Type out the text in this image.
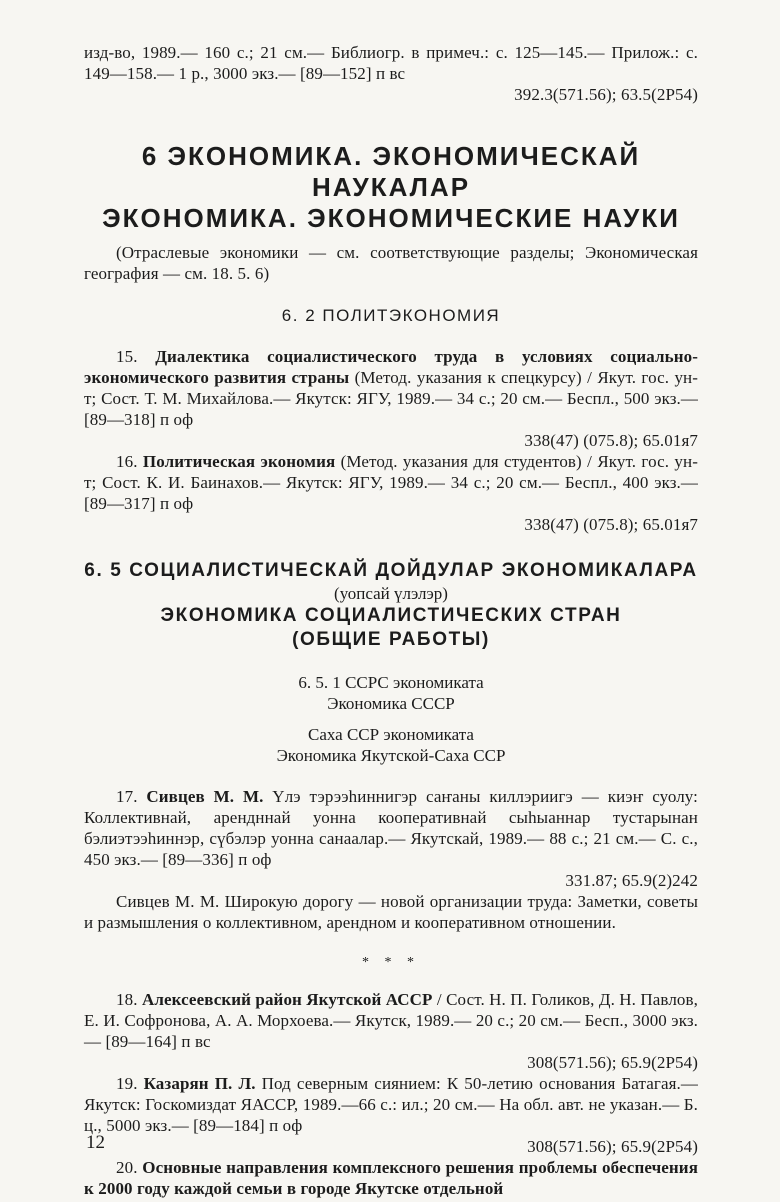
изд-во, 1989.— 160 с.; 21 см.— Библиогр. в примеч.: с. 125—145.— Прилож.: с. 149—158.— 1 р., 3000 экз.— [89—152] п вс

392.3(571.56); 63.5(2Р54)

6 ЭКОНОМИКА. ЭКОНОМИЧЕСКАЙ НАУКАЛАР

ЭКОНОМИКА. ЭКОНОМИЧЕСКИЕ НАУКИ

(Отраслевые экономики — см. соответствующие разделы; Экономическая география — см. 18. 5. 6)

6. 2 ПОЛИТЭКОНОМИЯ

15. Диалектика социалистического труда в условиях социально-экономического развития страны (Метод. указания к спецкурсу) / Якут. гос. ун-т; Сост. Т. М. Михайлова.— Якутск: ЯГУ, 1989.— 34 с.; 20 см.— Беспл., 500 экз.— [89—318] п оф

338(47) (075.8); 65.01я7

16. Политическая экономия (Метод. указания для студентов) / Якут. гос. ун-т; Сост. К. И. Баинахов.— Якутск: ЯГУ, 1989.— 34 с.; 20 см.— Беспл., 400 экз.— [89—317] п оф

338(47) (075.8); 65.01я7

6. 5 СОЦИАЛИСТИЧЕСКАЙ ДОЙДУЛАР ЭКОНОМИКАЛАРА

(уопсай үлэлэр)

ЭКОНОМИКА СОЦИАЛИСТИЧЕСКИХ СТРАН

(ОБЩИЕ РАБОТЫ)

6. 5. 1 ССРС экономиката

Экономика СССР

Саха ССР экономиката

Экономика Якутской-Саха ССР

17. Сивцев М. М. Үлэ тэрээһиннигэр саҥаны киллэриигэ — киэҥ суолу: Коллективнай, арендннай уонна кооперативнай сыһыаннар тустарынан бэлиэтээһиннэр, сүбэлэр уонна санаалар.— Якутскай, 1989.— 88 с.; 21 см.— С. с., 450 экз.— [89—336] п оф

331.87; 65.9(2)242

Сивцев М. М. Широкую дорогу — новой организации труда: Заметки, советы и размышления о коллективном, арендном и кооперативном отношении.

* * *

18. Алексеевский район Якутской АССР / Сост. Н. П. Голиков, Д. Н. Павлов, Е. И. Софронова, А. А. Морхоева.— Якутск, 1989.— 20 с.; 20 см.— Бесп., 3000 экз.— [89—164] п вс

308(571.56); 65.9(2Р54)

19. Казарян П. Л. Под северным сиянием: К 50-летию основания Батагая.— Якутск: Госкомиздат ЯАССР, 1989.—66 с.: ил.; 20 см.— На обл. авт. не указан.— Б. ц., 5000 экз.— [89—184] п оф

308(571.56); 65.9(2Р54)

20. Основные направления комплексного решения проблемы обеспечения к 2000 году каждой семьи в городе Якутске отдельной

12
